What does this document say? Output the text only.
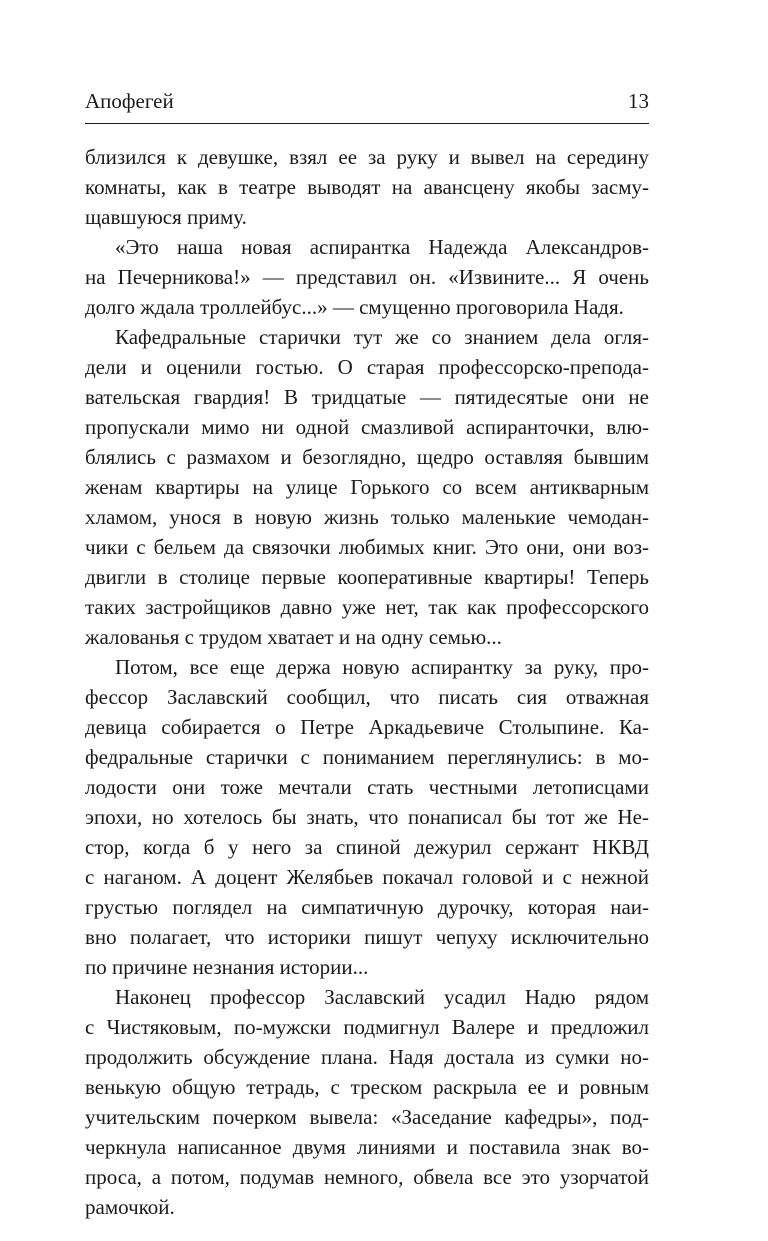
Апофегей	13
близился к девушке, взял ее за руку и вывел на середину
комнаты, как в театре выводят на авансцену якобы засму-
щавшуюся приму.
«Это наша новая аспирантка Надежда Александров-
на Печерникова!» — представил он. «Извините... Я очень
долго ждала троллейбус...» — смущенно проговорила Надя.
Кафедральные старички тут же со знанием дела огля-
дели и оценили гостью. О старая профессорско-препода-
вательская гвардия! В тридцатые — пятидесятые они не
пропускали мимо ни одной смазливой аспиранточки, влю-
блялись с размахом и безоглядно, щедро оставляя бывшим
женам квартиры на улице Горького со всем антикварным
хламом, унося в новую жизнь только маленькие чемодан-
чики с бельем да связочки любимых книг. Это они, они воз-
двигли в столице первые кооперативные квартиры! Теперь
таких застройщиков давно уже нет, так как профессорского
жалованья с трудом хватает и на одну семью...
Потом, все еще держа новую аспирантку за руку, про-
фессор Заславский сообщил, что писать сия отважная
девица собирается о Петре Аркадьевиче Столыпине. Ка-
федральные старички с пониманием переглянулись: в мо-
лодости они тоже мечтали стать честными летописцами
эпохи, но хотелось бы знать, что понаписал бы тот же Не-
стор, когда б у него за спиной дежурил сержант НКВД
с наганом. А доцент Желябьев покачал головой и с нежной
грустью поглядел на симпатичную дурочку, которая наи-
вно полагает, что историки пишут чепуху исключительно
по причине незнания истории...
Наконец профессор Заславский усадил Надю рядом
с Чистяковым, по-мужски подмигнул Валере и предложил
продолжить обсуждение плана. Надя достала из сумки но-
венькую общую тетрадь, с треском раскрыла ее и ровным
учительским почерком вывела: «Заседание кафедры», под-
черкнула написанное двумя линиями и поставила знак во-
проса, а потом, подумав немного, обвела все это узорчатой
рамочкой.
